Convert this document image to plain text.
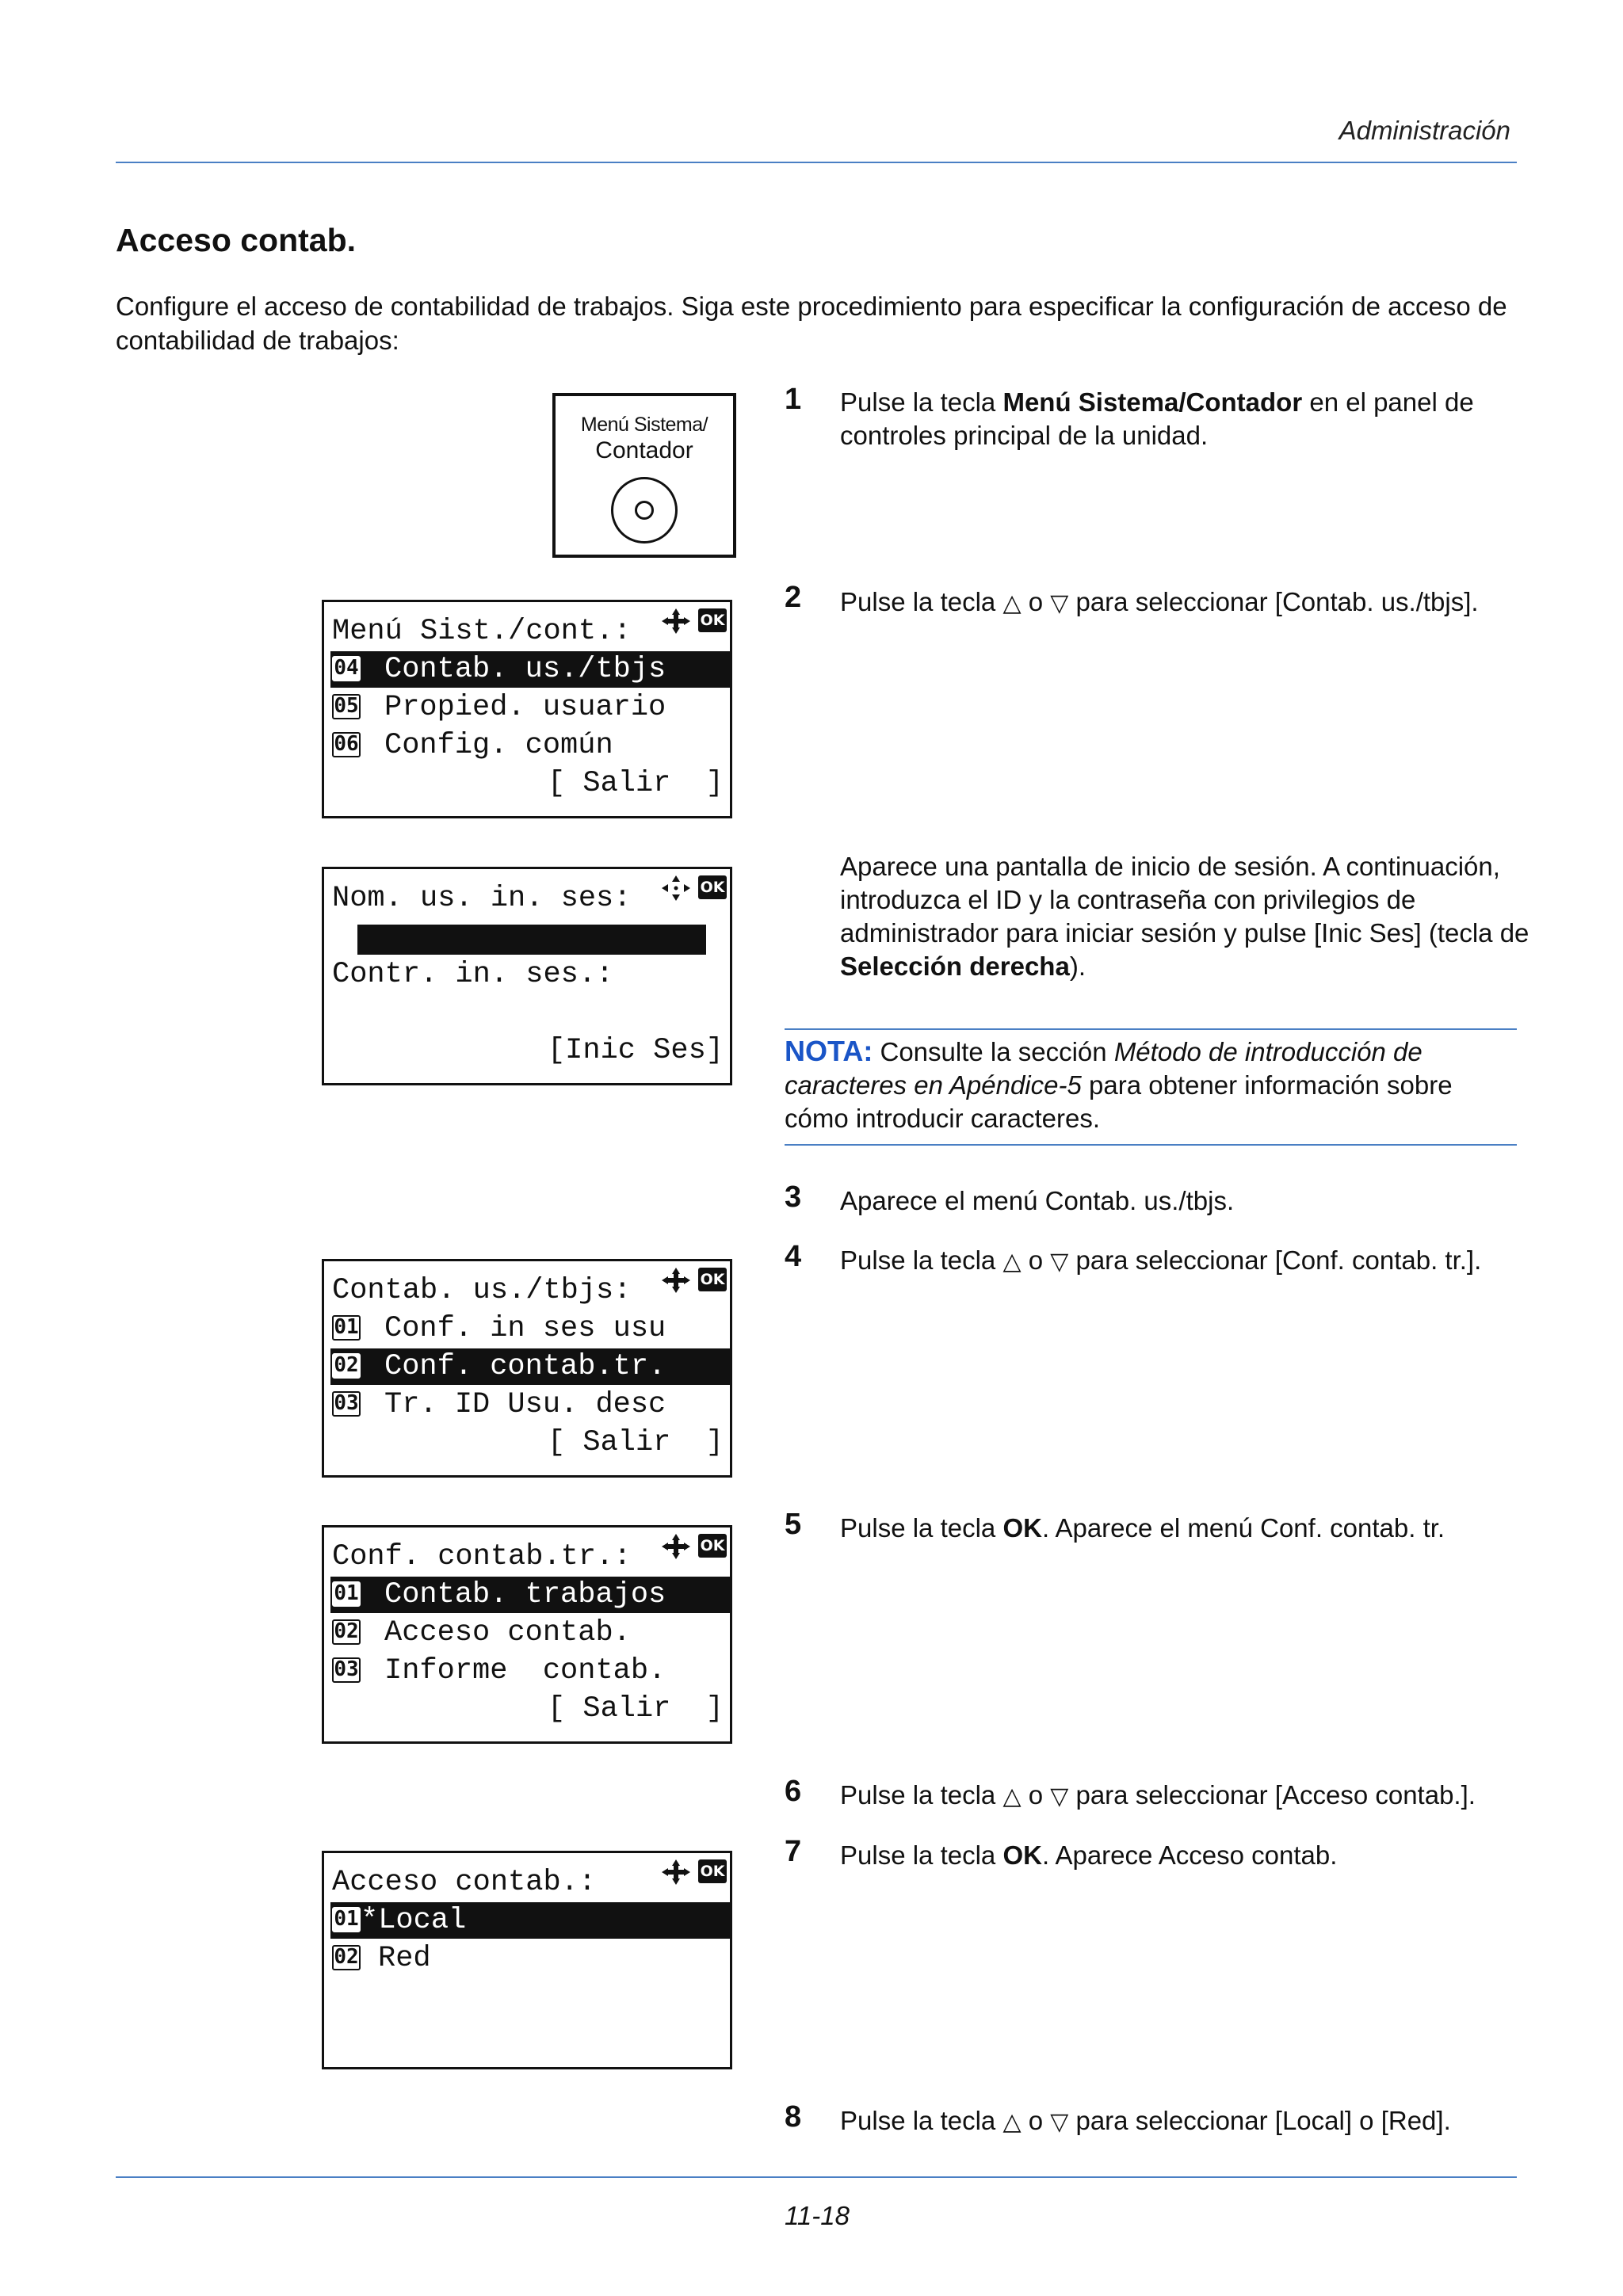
Administración
Acceso contab.
Configure el acceso de contabilidad de trabajos. Siga este procedimiento para especificar la configuración de acceso de contabilidad de trabajos:
Menú Sistema/
Contador
1 Pulse la tecla Menú Sistema/Contador en el panel de controles principal de la unidad.
2 Pulse la tecla △ o ▽ para seleccionar [Contab. us./tbjs].
Menú Sist./cont.:	OK
04 Contab. us./tbjs
05 Propied. usuario
06 Config. común
[ Salir  ]
Nom. us. in. ses:	OK
Contr. in. ses.:
[Inic Ses]
Aparece una pantalla de inicio de sesión. A continuación, introduzca el ID y la contraseña con privilegios de administrador para iniciar sesión y pulse [Inic Ses] (tecla de Selección derecha).
NOTA: Consulte la sección Método de introducción de caracteres en Apéndice-5 para obtener información sobre cómo introducir caracteres.
3 Aparece el menú Contab. us./tbjs.
4 Pulse la tecla △ o ▽ para seleccionar [Conf. contab. tr.].
Contab. us./tbjs:	OK
01 Conf. in ses usu
02 Conf. contab.tr.
03 Tr. ID Usu. desc
[ Salir  ]
5 Pulse la tecla OK. Aparece el menú Conf. contab. tr.
Conf. contab.tr.:	OK
01 Contab. trabajos
02 Acceso contab.
03 Informe  contab.
[ Salir  ]
6 Pulse la tecla △ o ▽ para seleccionar [Acceso contab.].
7 Pulse la tecla OK. Aparece Acceso contab.
Acceso contab.:	OK
01*Local
02 Red
8 Pulse la tecla △ o ▽ para seleccionar [Local] o [Red].
11-18
